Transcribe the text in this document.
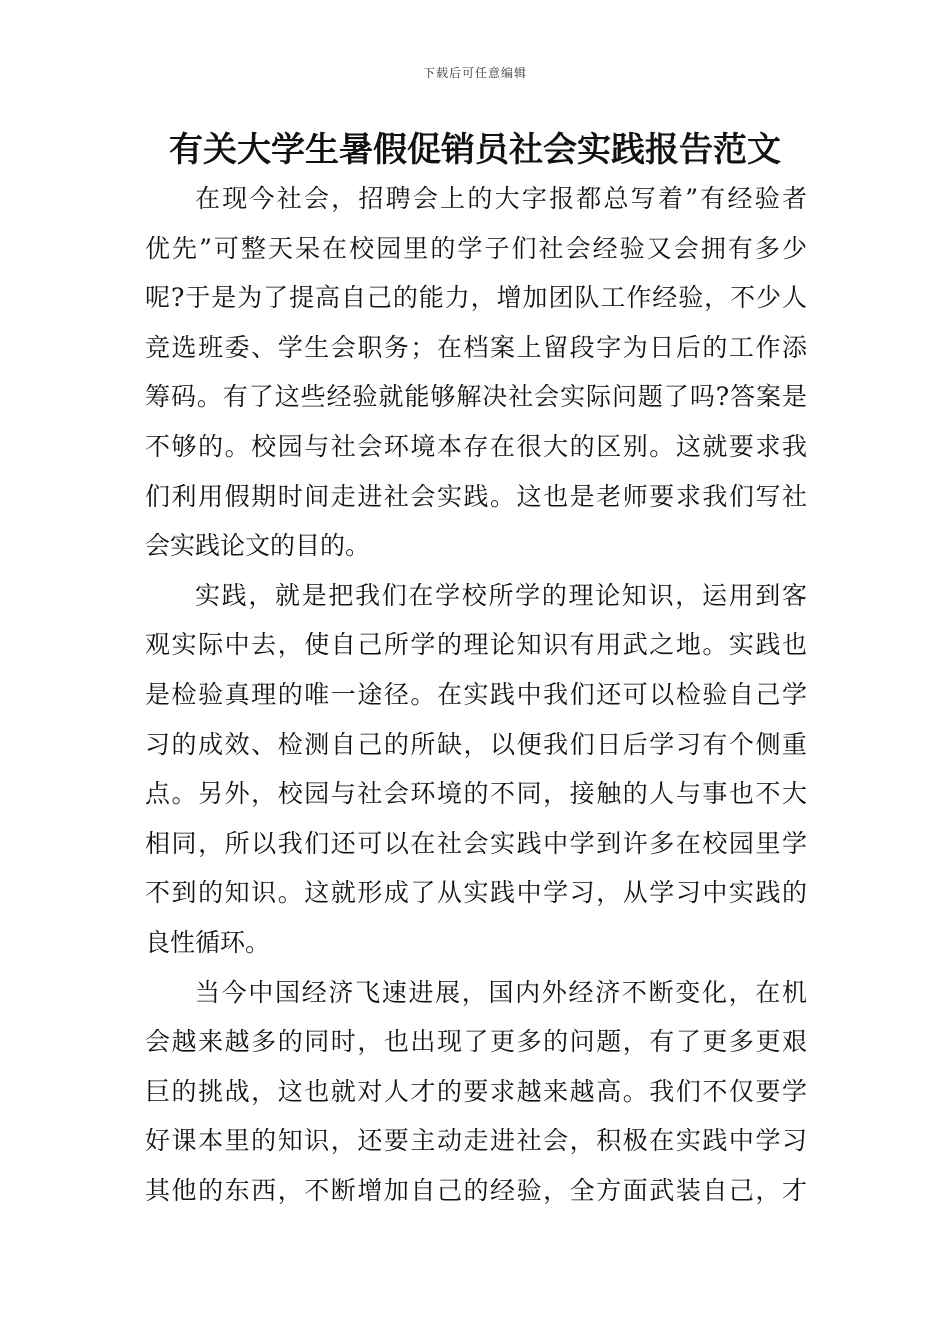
下载后可任意编辑
有关大学生暑假促销员社会实践报告范文
在现今社会，招聘会上的大字报都总写着”有经验者
优先”可整天呆在校园里的学子们社会经验又会拥有多少
呢?于是为了提高自己的能力，增加团队工作经验，不少人
竞选班委、学生会职务；在档案上留段字为日后的工作添
筹码。有了这些经验就能够解决社会实际问题了吗?答案是
不够的。校园与社会环境本存在很大的区别。这就要求我
们利用假期时间走进社会实践。这也是老师要求我们写社
会实践论文的目的。
实践，就是把我们在学校所学的理论知识，运用到客
观实际中去，使自己所学的理论知识有用武之地。实践也
是检验真理的唯一途径。在实践中我们还可以检验自己学
习的成效、检测自己的所缺，以便我们日后学习有个侧重
点。另外，校园与社会环境的不同，接触的人与事也不大
相同，所以我们还可以在社会实践中学到许多在校园里学
不到的知识。这就形成了从实践中学习，从学习中实践的
良性循环。
当今中国经济飞速进展，国内外经济不断变化，在机
会越来越多的同时，也出现了更多的问题，有了更多更艰
巨的挑战，这也就对人才的要求越来越高。我们不仅要学
好课本里的知识，还要主动走进社会，积极在实践中学习
其他的东西，不断增加自己的经验，全方面武装自己，才
